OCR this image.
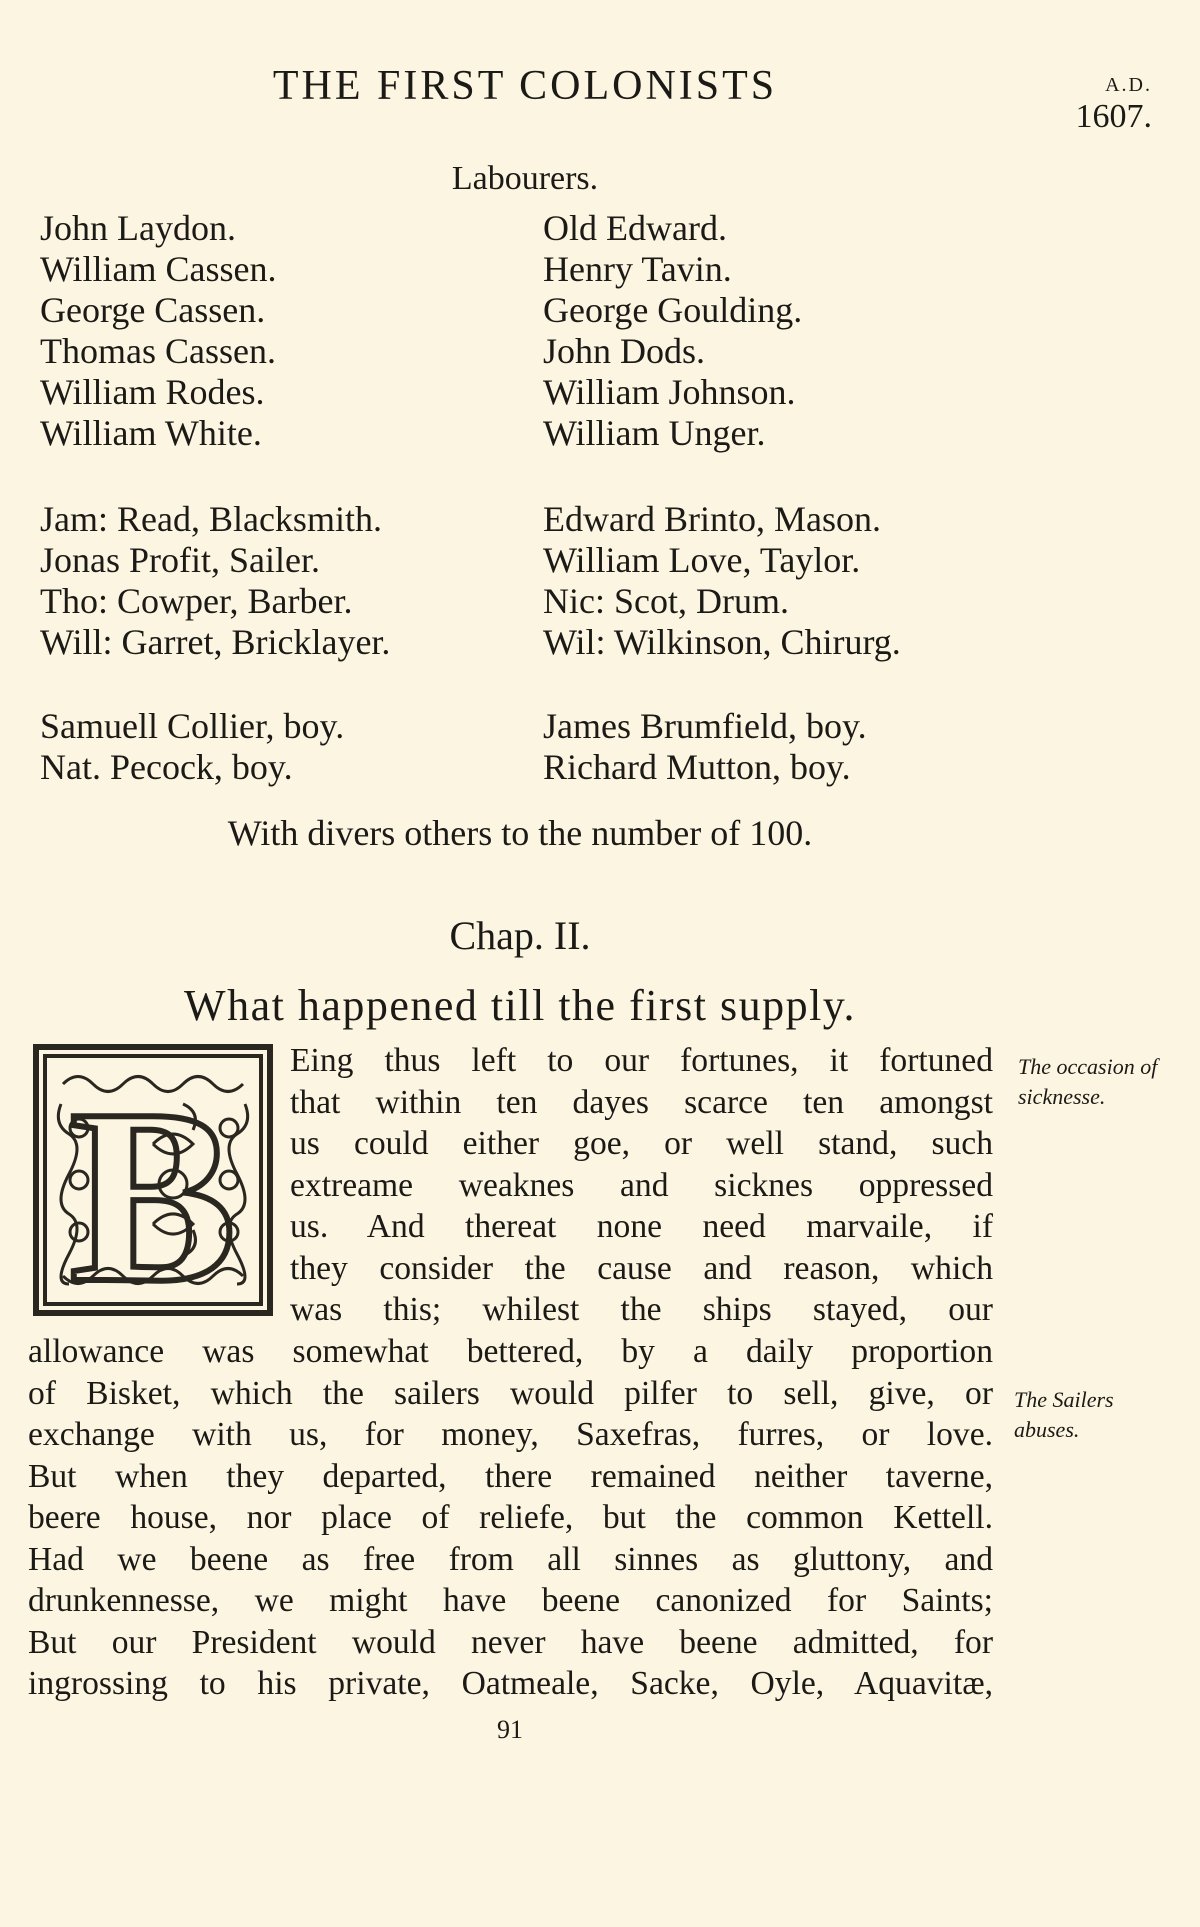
THE FIRST COLONISTS	A.D.
1607.
Labourers.
John Laydon.
William Cassen.
George Cassen.
Thomas Cassen.
William Rodes.
William White.
Old Edward.
Henry Tavin.
George Goulding.
John Dods.
William Johnson.
William Unger.
Jam: Read, Blacksmith.
Jonas Profit, Sailer.
Tho: Cowper, Barber.
Will: Garret, Bricklayer.
Edward Brinto, Mason.
William Love, Taylor.
Nic: Scot, Drum.
Wil: Wilkinson, Chirurg.
Samuell Collier, boy.
Nat. Pecock, boy.
James Brumfield, boy.
Richard Mutton, boy.
With divers others to the number of 100.
Chap. II.
What happened till the first supply.
B Eing thus left to our fortunes, it fortuned
that within ten dayes scarce ten amongst
us could either goe, or well stand, such
extreame weaknes and sicknes oppressed
us. And thereat none need marvaile, if
they consider the cause and reason, which
was this; whilest the ships stayed, our
allowance was somewhat bettered, by a daily proportion
of Bisket, which the sailers would pilfer to sell, give, or
exchange with us, for money, Saxefras, furres, or love.
But when they departed, there remained neither taverne,
beere house, nor place of reliefe, but the common Kettell.
Had we beene as free from all sinnes as gluttony, and
drunkennesse, we might have beene canonized for Saints;
But our President would never have beene admitted, for
ingrossing to his private, Oatmeale, Sacke, Oyle, Aquavitæ,
The occasion of
sicknesse.
The Sailers
abuses.
91
